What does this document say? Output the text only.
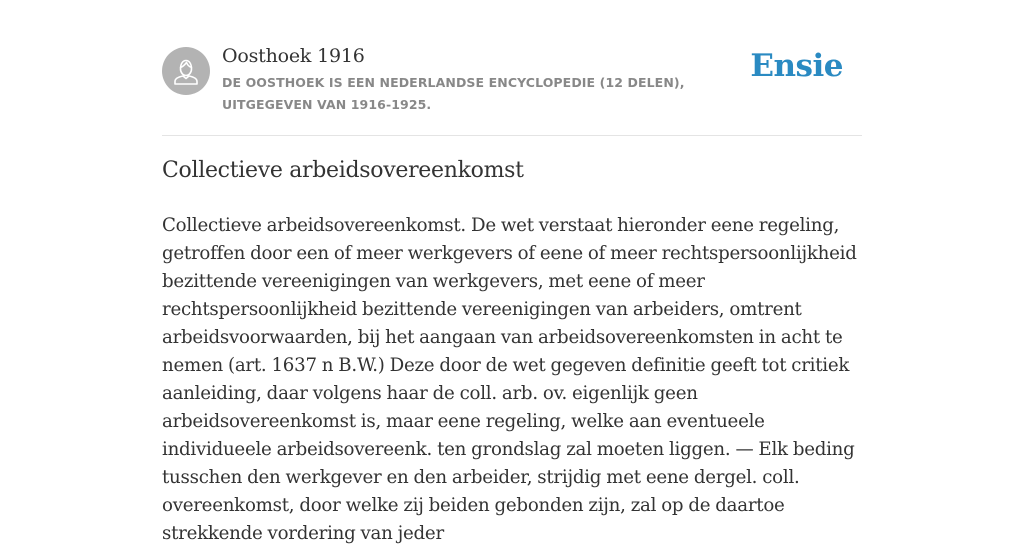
Oosthoek 1916
DE OOSTHOEK IS EEN NEDERLANDSE ENCYCLOPEDIE (12 DELEN), UITGEGEVEN VAN 1916-1925.
Ensie
Collectieve arbeidsovereenkomst

Collectieve arbeidsovereenkomst. De wet verstaat hieronder eene regeling, getroffen door een of meer werkgevers of eene of meer rechtspersoonlijkheid bezittende vereenigingen van werkgevers, met eene of meer rechtspersoonlijkheid bezittende vereenigingen van arbeiders, omtrent arbeidsvoorwaarden, bij het aangaan van arbeidsovereenkomsten in acht te nemen (art. 1637 n B.W.) Deze door de wet gegeven definitie geeft tot critiek aanleiding, daar volgens haar de coll. arb. ov. eigenlijk geen arbeidsovereenkomst is, maar eene regeling, welke aan eventueele individueele arbeidsovereenk. ten grondslag zal moeten liggen. — Elk beding tusschen den werkgever en den arbeider, strijdig met eene dergel. coll. overeenkomst, door welke zij beiden gebonden zijn, zal op de daartoe strekkende vordering van jeder
